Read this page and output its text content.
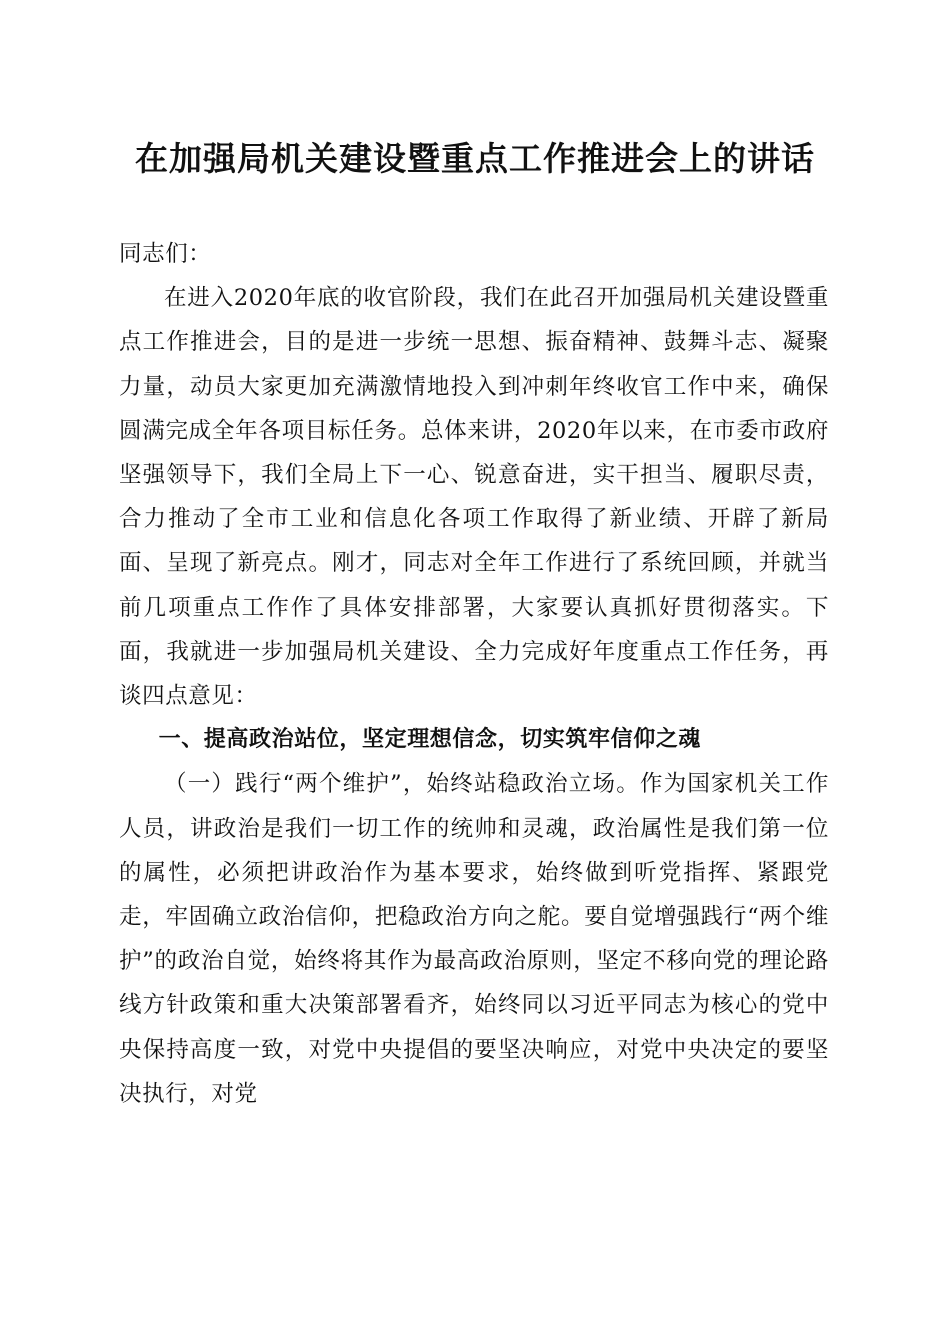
在加强局机关建设暨重点工作推进会上的讲话

同志们：

在进入2020年底的收官阶段，我们在此召开加强局机关建设暨重点工作推进会，目的是进一步统一思想、振奋精神、鼓舞斗志、凝聚力量，动员大家更加充满激情地投入到冲刺年终收官工作中来，确保圆满完成全年各项目标任务。总体来讲，2020年以来，在市委市政府坚强领导下，我们全局上下一心、锐意奋进，实干担当、履职尽责，合力推动了全市工业和信息化各项工作取得了新业绩、开辟了新局面、呈现了新亮点。刚才，同志对全年工作进行了系统回顾，并就当前几项重点工作作了具体安排部署，大家要认真抓好贯彻落实。下面，我就进一步加强局机关建设、全力完成好年度重点工作任务，再谈四点意见：

一、提高政治站位，坚定理想信念，切实筑牢信仰之魂

（一）践行“两个维护”，始终站稳政治立场。作为国家机关工作人员，讲政治是我们一切工作的统帅和灵魂，政治属性是我们第一位的属性，必须把讲政治作为基本要求，始终做到听党指挥、紧跟党走，牢固确立政治信仰，把稳政治方向之舵。要自觉增强践行“两个维护”的政治自觉，始终将其作为最高政治原则，坚定不移向党的理论路线方针政策和重大决策部署看齐，始终同以习近平同志为核心的党中央保持高度一致，对党中央提倡的要坚决响应，对党中央决定的要坚决执行，对党
